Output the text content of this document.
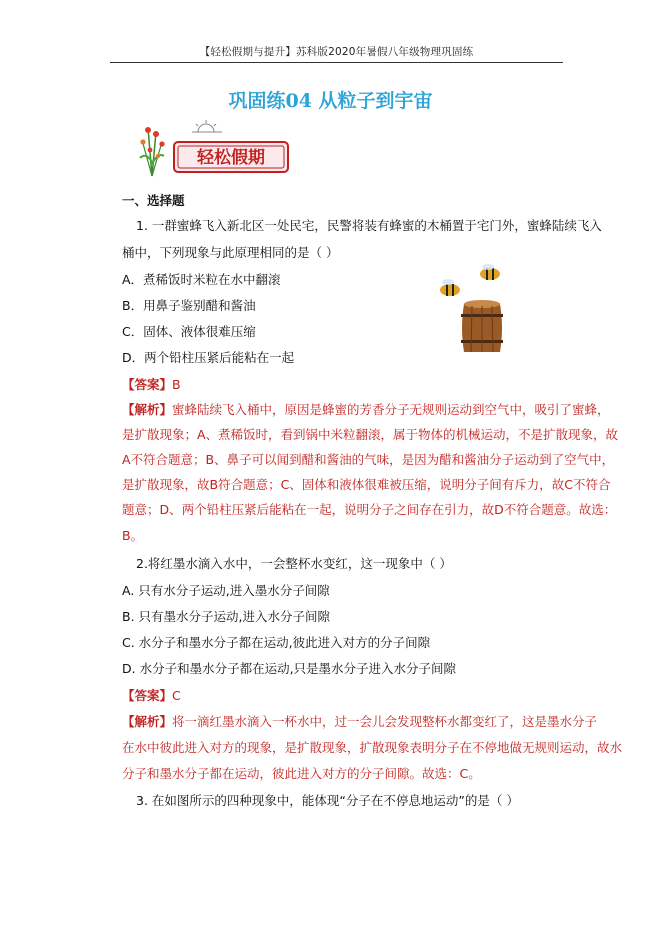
【轻松假期与提升】苏科版2020年暑假八年级物理巩固练
巩固练04 从粒子到宇宙
轻松假期
一、选择题
1. 一群蜜蜂飞入新北区一处民宅，民警将装有蜂蜜的木桶置于宅门外，蜜蜂陆续飞入
桶中，下列现象与此原理相同的是（ ）
A．煮稀饭时米粒在水中翻滚
B．用鼻子鉴别醋和酱油
C．固体、液体很难压缩
D．两个铅柱压紧后能粘在一起
【答案】B
【解析】蜜蜂陆续飞入桶中，原因是蜂蜜的芳香分子无规则运动到空气中，吸引了蜜蜂，
是扩散现象；A、煮稀饭时，看到锅中米粒翻滚，属于物体的机械运动，不是扩散现象，故
A不符合题意；B、鼻子可以闻到醋和酱油的气味，是因为醋和酱油分子运动到了空气中，
是扩散现象，故B符合题意；C、固体和液体很难被压缩，说明分子间有斥力，故C不符合
题意；D、两个铅柱压紧后能粘在一起，说明分子之间存在引力，故D不符合题意。故选：
B。
2.将红墨水滴入水中，一会整杯水变红，这一现象中（ ）
A. 只有水分子运动,进入墨水分子间隙
B. 只有墨水分子运动,进入水分子间隙
C. 水分子和墨水分子都在运动,彼此进入对方的分子间隙
D. 水分子和墨水分子都在运动,只是墨水分子进入水分子间隙
【答案】C
【解析】将一滴红墨水滴入一杯水中，过一会儿会发现整杯水都变红了，这是墨水分子
在水中彼此进入对方的现象，是扩散现象，扩散现象表明分子在不停地做无规则运动，故水
分子和墨水分子都在运动，彼此进入对方的分子间隙。故选：C。
3. 在如图所示的四种现象中，能体现“分子在不停息地运动”的是（ ）
